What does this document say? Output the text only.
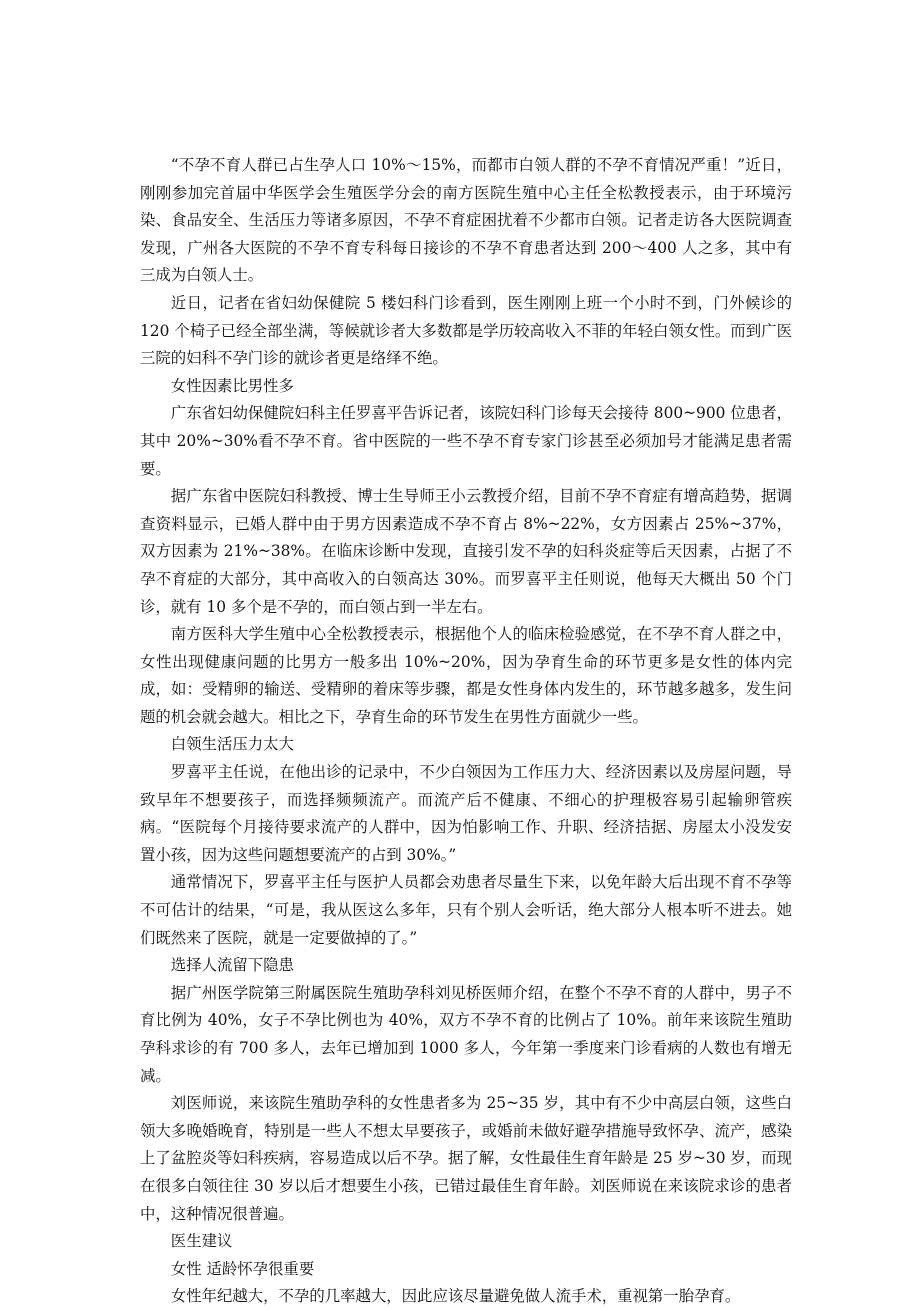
“不孕不育人群已占生孕人口 10%～15%，而都市白领人群的不孕不育情况严重！”近日，刚刚参加完首届中华医学会生殖医学分会的南方医院生殖中心主任全松教授表示，由于环境污染、食品安全、生活压力等诸多原因，不孕不育症困扰着不少都市白领。记者走访各大医院调查发现，广州各大医院的不孕不育专科每日接诊的不孕不育患者达到 200～400 人之多，其中有三成为白领人士。

近日，记者在省妇幼保健院 5 楼妇科门诊看到，医生刚刚上班一个小时不到，门外候诊的 120 个椅子已经全部坐满，等候就诊者大多数都是学历较高收入不菲的年轻白领女性。而到广医三院的妇科不孕门诊的就诊者更是络绎不绝。

女性因素比男性多

广东省妇幼保健院妇科主任罗喜平告诉记者，该院妇科门诊每天会接待 800~900 位患者，其中 20%~30%看不孕不育。省中医院的一些不孕不育专家门诊甚至必须加号才能满足患者需要。

据广东省中医院妇科教授、博士生导师王小云教授介绍，目前不孕不育症有增高趋势，据调查资料显示，已婚人群中由于男方因素造成不孕不育占 8%~22%，女方因素占 25%~37%，双方因素为 21%~38%。在临床诊断中发现，直接引发不孕的妇科炎症等后天因素，占据了不孕不育症的大部分，其中高收入的白领高达 30%。而罗喜平主任则说，他每天大概出 50 个门诊，就有 10 多个是不孕的，而白领占到一半左右。

南方医科大学生殖中心全松教授表示，根据他个人的临床检验感觉，在不孕不育人群之中，女性出现健康问题的比男方一般多出 10%~20%，因为孕育生命的环节更多是女性的体内完成，如：受精卵的输送、受精卵的着床等步骤，都是女性身体内发生的，环节越多越多，发生问题的机会就会越大。相比之下，孕育生命的环节发生在男性方面就少一些。

白领生活压力太大

罗喜平主任说，在他出诊的记录中，不少白领因为工作压力大、经济因素以及房屋问题，导致早年不想要孩子，而选择频频流产。而流产后不健康、不细心的护理极容易引起输卵管疾病。“医院每个月接待要求流产的人群中，因为怕影响工作、升职、经济拮据、房屋太小没发安置小孩，因为这些问题想要流产的占到 30%。”

通常情况下，罗喜平主任与医护人员都会劝患者尽量生下来，以免年龄大后出现不育不孕等不可估计的结果，“可是，我从医这么多年，只有个别人会听话，绝大部分人根本听不进去。她们既然来了医院，就是一定要做掉的了。”

选择人流留下隐患

据广州医学院第三附属医院生殖助孕科刘见桥医师介绍，在整个不孕不育的人群中，男子不育比例为 40%，女子不孕比例也为 40%，双方不孕不育的比例占了 10%。前年来该院生殖助孕科求诊的有 700 多人，去年已增加到 1000 多人，今年第一季度来门诊看病的人数也有增无减。

刘医师说，来该院生殖助孕科的女性患者多为 25~35 岁，其中有不少中高层白领，这些白领大多晚婚晚育，特别是一些人不想太早要孩子，或婚前未做好避孕措施导致怀孕、流产，感染上了盆腔炎等妇科疾病，容易造成以后不孕。据了解，女性最佳生育年龄是 25 岁~30 岁，而现在很多白领往往 30 岁以后才想要生小孩，已错过最佳生育年龄。刘医师说在来该院求诊的患者中，这种情况很普遍。

医生建议

女性 适龄怀孕很重要

女性年纪越大，不孕的几率越大，因此应该尽量避免做人流手术，重视第一胎孕育。
